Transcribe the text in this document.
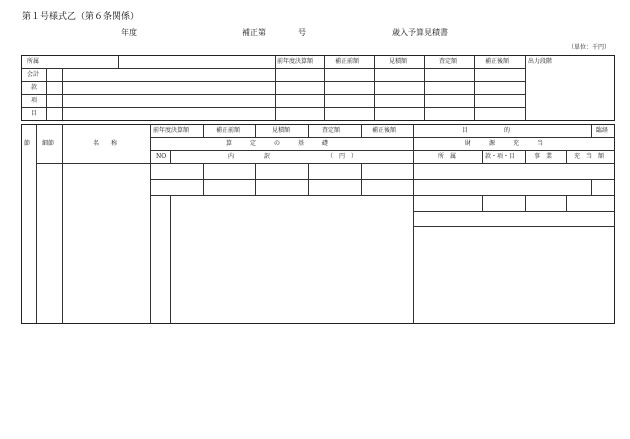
第１号様式乙（第６条関係）
年度	補正第	号	歳入予算見積書
（単位：千円）
所属	前年度決算額	補正前額	見積額	査定額	補正後額	出力段階
会計
款
項
目
節 細節	名　　称
前年度決算額	補正前額	見積額	査定額	補正後額	目　　　　　　的	臨経
算　　　定　　　の　　　基　　　礎	財　　　源　　　充　　　当
NO	内　　　　　訳	（　円　）	所　属	款・項・目	事　業	充　当　額
